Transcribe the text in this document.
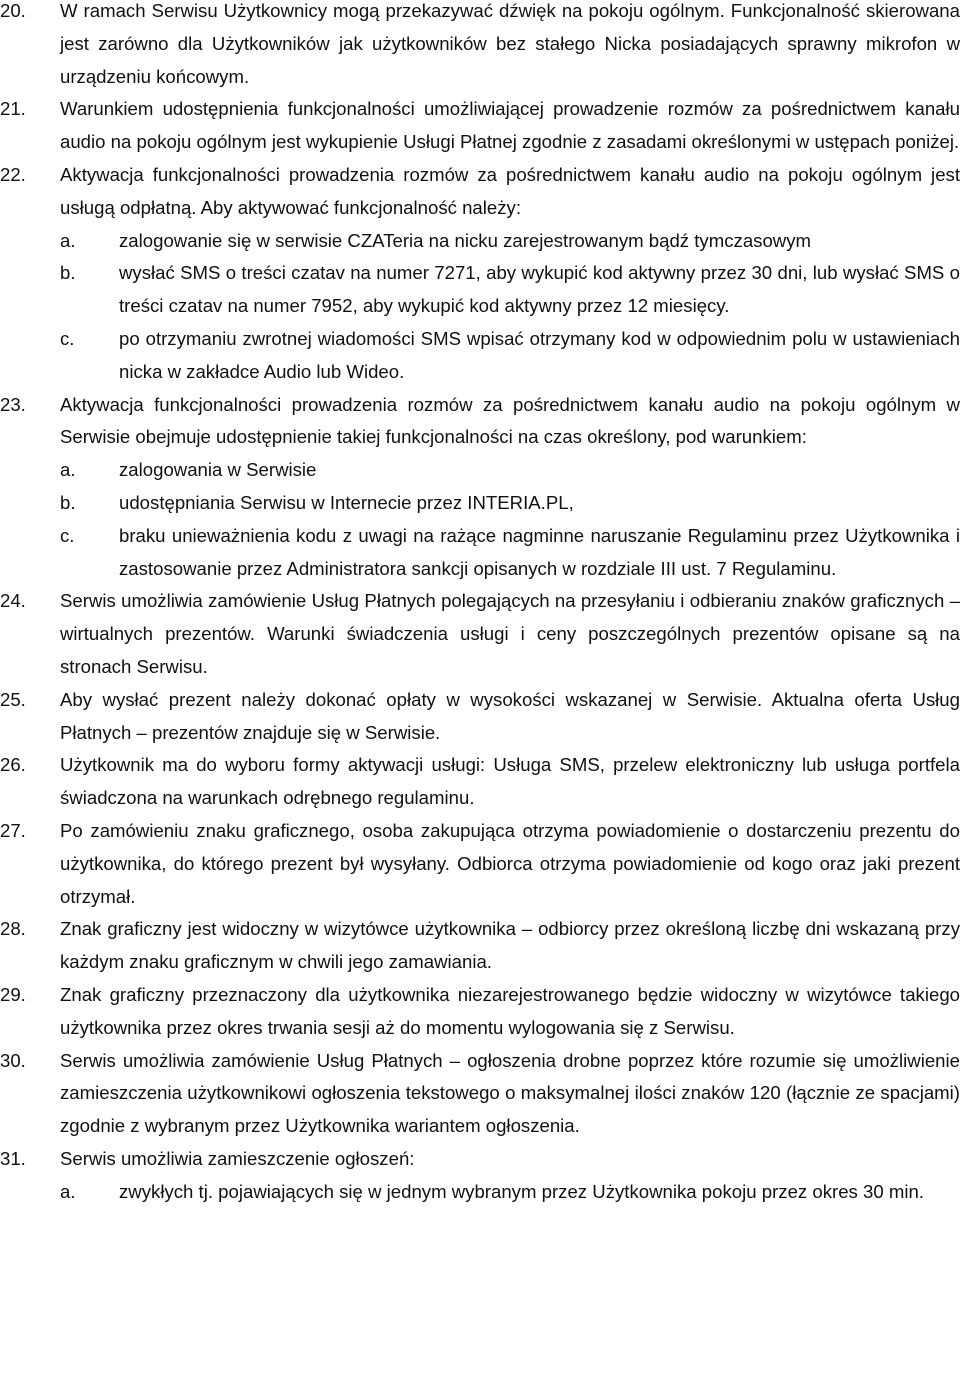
20.	W ramach Serwisu Użytkownicy mogą przekazywać dźwięk na pokoju ogólnym. Funkcjonalność skierowana jest zarówno dla Użytkowników jak użytkowników bez stałego Nicka posiadających sprawny mikrofon w urządzeniu końcowym.
21.	Warunkiem udostępnienia funkcjonalności umożliwiającej prowadzenie rozmów za pośrednictwem kanału audio na pokoju ogólnym jest wykupienie Usługi Płatnej zgodnie z zasadami określonymi w ustępach poniżej.
22.	Aktywacja funkcjonalności prowadzenia rozmów za pośrednictwem kanału audio na pokoju ogólnym jest usługą odpłatną. Aby aktywować funkcjonalność należy:
a. zalogowanie się w serwisie CZATeria na nicku zarejestrowanym bądź tymczasowym
b. wysłać SMS o treści czatav na numer 7271, aby wykupić kod aktywny przez 30 dni, lub wysłać SMS o treści czatav na numer 7952, aby wykupić kod aktywny przez 12 miesięcy.
c. po otrzymaniu zwrotnej wiadomości SMS wpisać otrzymany kod w odpowiednim polu w ustawieniach nicka w zakładce Audio lub Wideo.
23.	Aktywacja funkcjonalności prowadzenia rozmów za pośrednictwem kanału audio na pokoju ogólnym w Serwisie obejmuje udostępnienie takiej funkcjonalności na czas określony, pod warunkiem:
a. zalogowania w Serwisie
b. udostępniania Serwisu w Internecie przez INTERIA.PL,
c. braku unieważnienia kodu z uwagi na rażące nagminne naruszanie Regulaminu przez Użytkownika i zastosowanie przez Administratora sankcji opisanych w rozdziale III ust. 7 Regulaminu.
24.	Serwis umożliwia zamówienie Usług Płatnych polegających na przesyłaniu i odbieraniu znaków graficznych – wirtualnych prezentów. Warunki świadczenia usługi i ceny poszczególnych prezentów opisane są na stronach Serwisu.
25.	Aby wysłać prezent należy dokonać opłaty w wysokości wskazanej w Serwisie. Aktualna oferta Usług Płatnych – prezentów znajduje się w Serwisie.
26.	Użytkownik ma do wyboru formy aktywacji usługi: Usługa SMS, przelew elektroniczny lub usługa portfela świadczona na warunkach odrębnego regulaminu.
27.	Po zamówieniu znaku graficznego, osoba zakupująca otrzyma powiadomienie o dostarczeniu prezentu do użytkownika, do którego prezent był wysyłany. Odbiorca otrzyma powiadomienie od kogo oraz jaki prezent otrzymał.
28.	Znak graficzny jest widoczny w wizytówce użytkownika – odbiorcy przez określoną liczbę dni wskazaną przy każdym znaku graficznym w chwili jego zamawiania.
29.	Znak graficzny przeznaczony dla użytkownika niezarejestrowanego będzie widoczny w wizytówce takiego użytkownika przez okres trwania sesji aż do momentu wylogowania się z Serwisu.
30.	Serwis umożliwia zamówienie Usług Płatnych – ogłoszenia drobne poprzez które rozumie się umożliwienie zamieszczenia użytkownikowi ogłoszenia tekstowego o maksymalnej ilości znaków 120 (łącznie ze spacjami) zgodnie z wybranym przez Użytkownika wariantem ogłoszenia.
31.	Serwis umożliwia zamieszczenie ogłoszeń:
a. zwykłych tj. pojawiających się w jednym wybranym przez Użytkownika pokoju przez okres 30 min.
